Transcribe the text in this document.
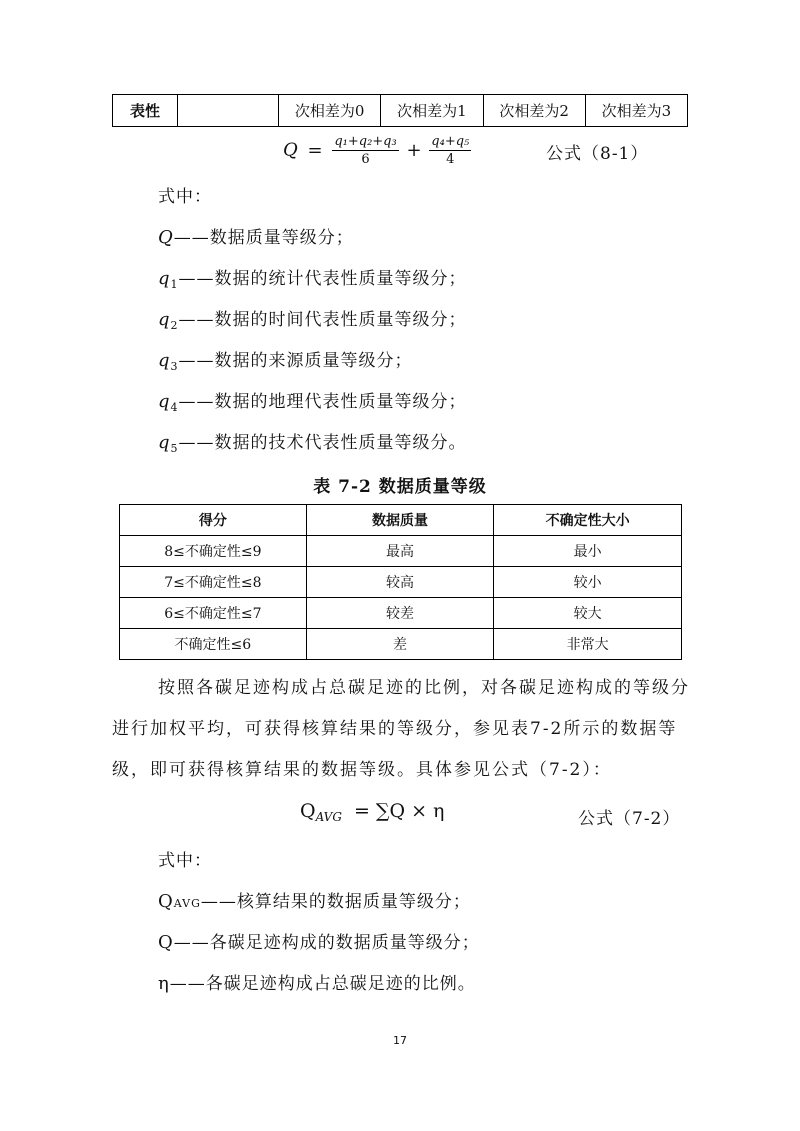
表性		次相差为0	次相差为1	次相差为2	次相差为3
$Q = \frac{\text{q₁+q₂+q₃}}{6} + \frac{\text{q₄+q₅}}{4}$	公式（8-1）
式中：
Q——数据质量等级分；
$q_1——$数据的统计代表性质量等级分；
$q_2——$数据的时间代表性质量等级分；
$q_3——$数据的来源质量等级分；
$q_4——$数据的地理代表性质量等级分；
$q_5——$数据的技术代表性质量等级分。
表 7-2 数据质量等级
得分	数据质量	不确定性大小
8≤不确定性≤9	最高	最小
7≤不确定性≤8	较高	较小
6≤不确定性≤7	较差	较大
不确定性≤6	差	非常大
按照各碳足迹构成占总碳足迹的比例，对各碳足迹构成的等级分
进行加权平均，可获得核算结果的等级分，参见表7-2所示的数据等
级，即可获得核算结果的数据等级。具体参见公式（7-2）：
$Q_{AVG} = \sum Q \times \eta$	公式（7-2）
式中：
QAVG——核算结果的数据质量等级分；
Q——各碳足迹构成的数据质量等级分；
η——各碳足迹构成占总碳足迹的比例。
17
